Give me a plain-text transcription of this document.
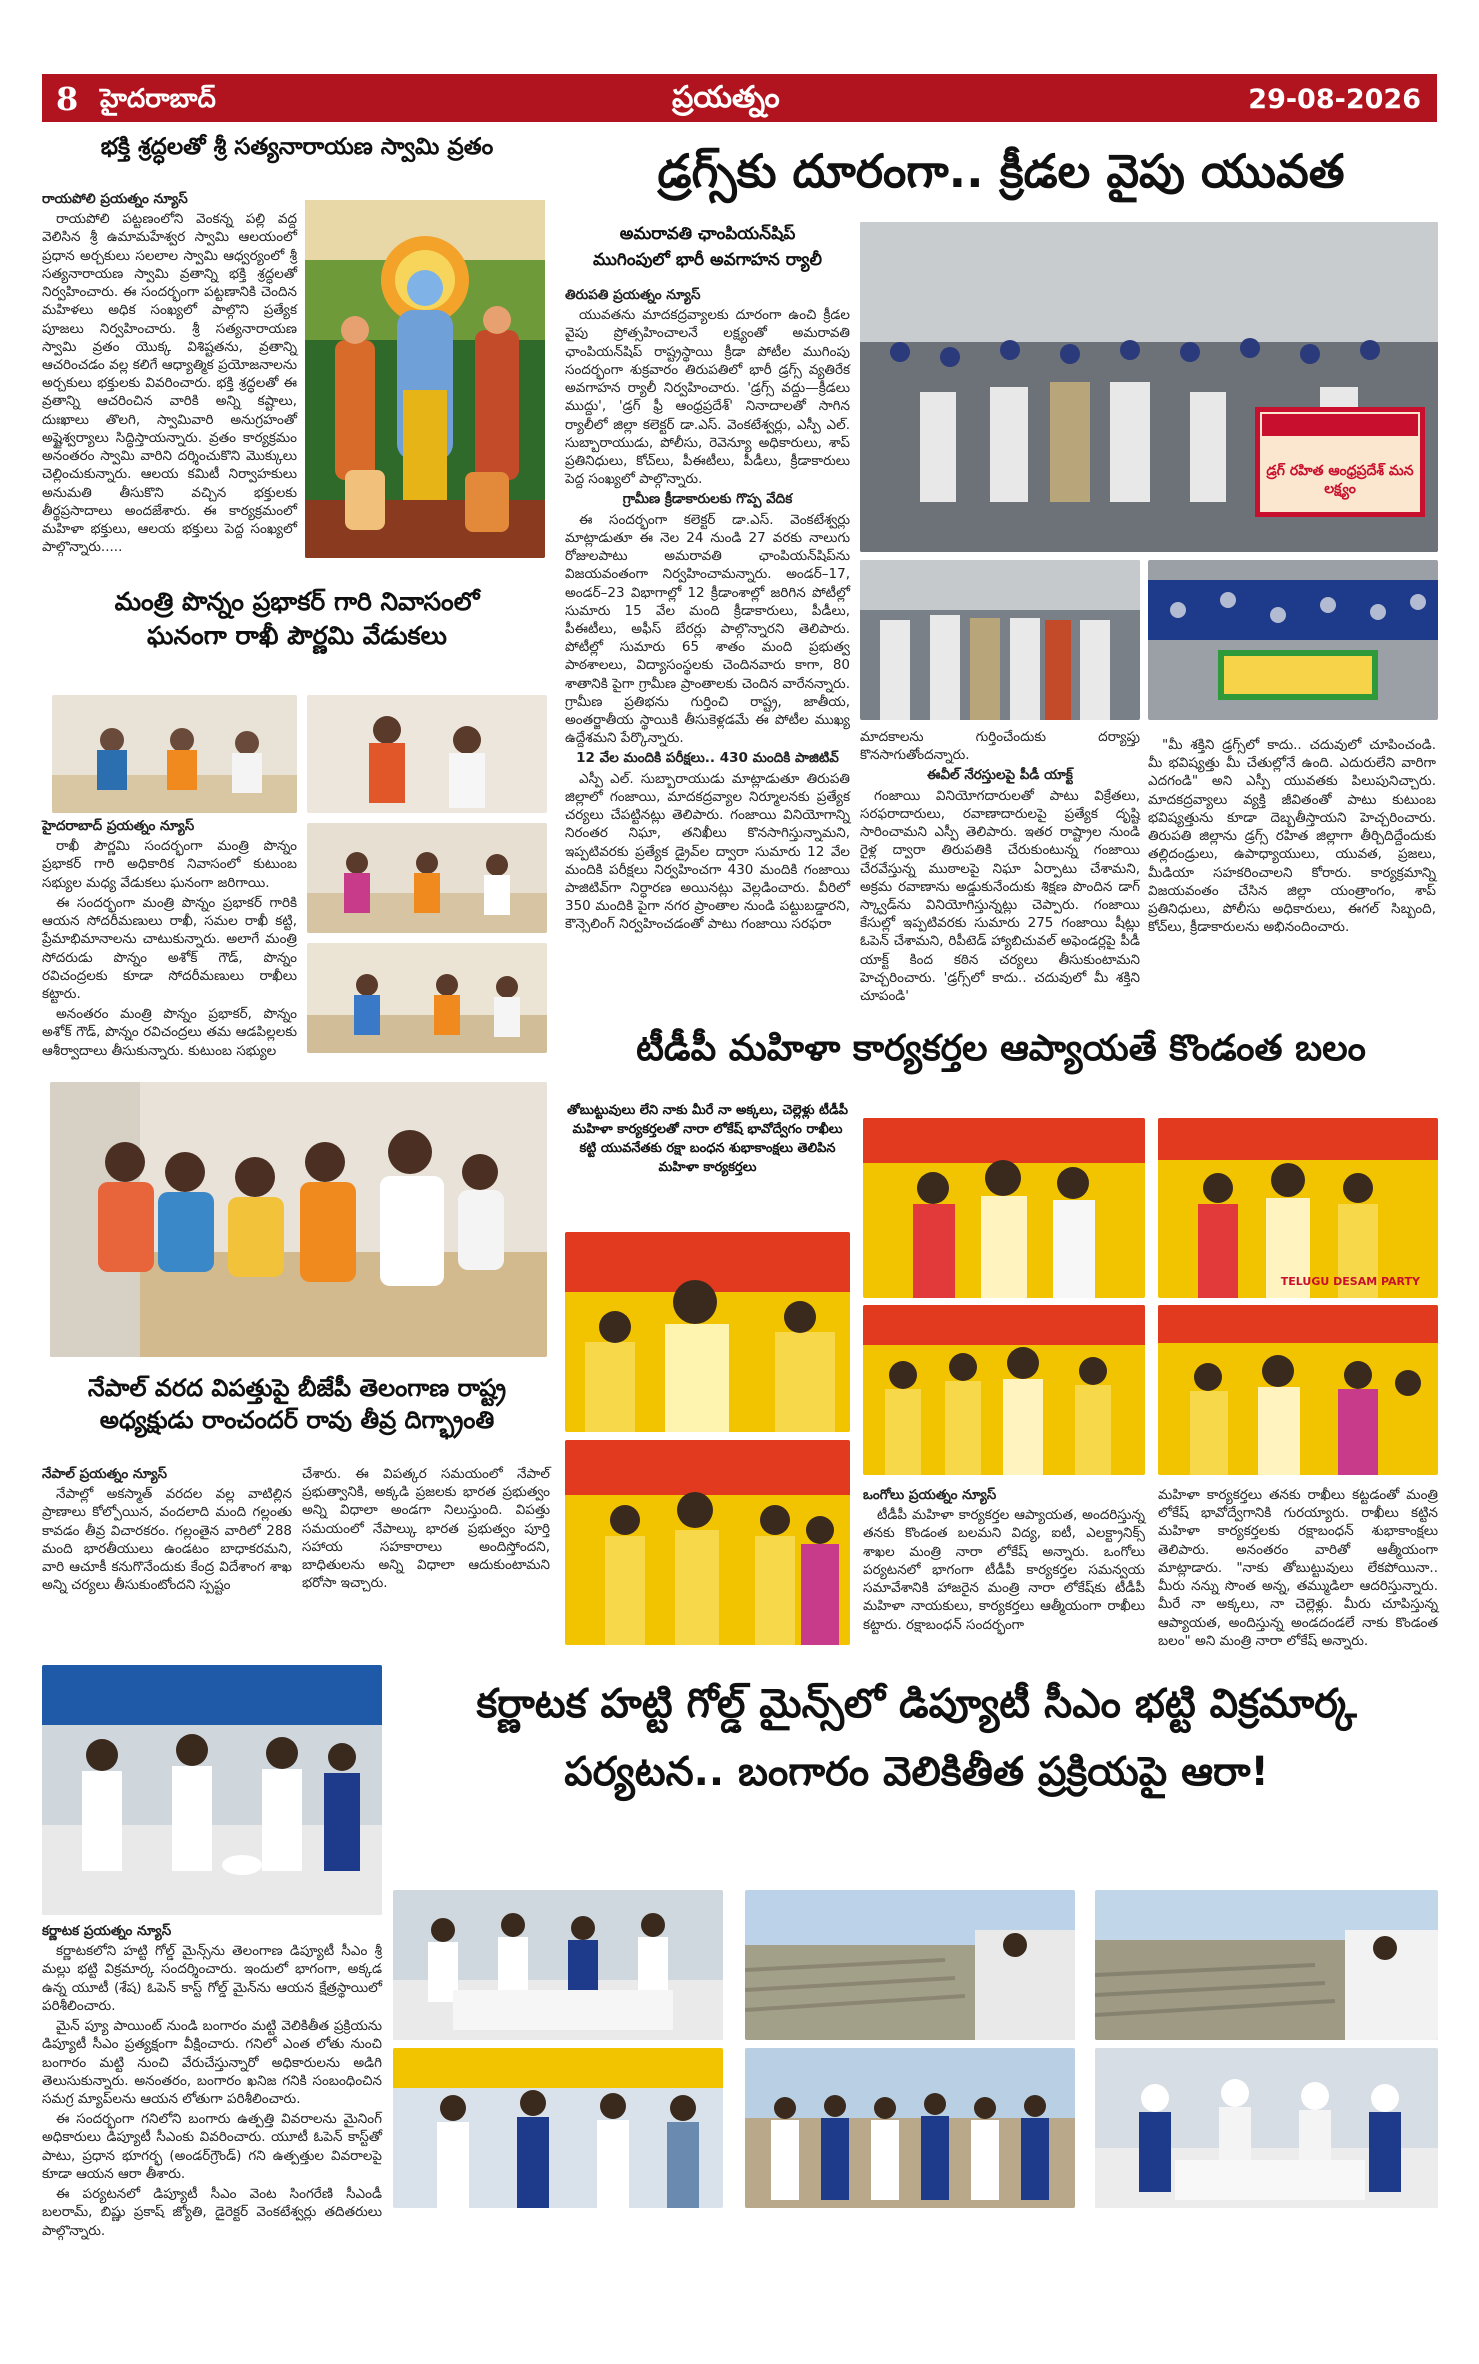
8 హైదరాబాద్	ప్రయత్నం	29-08-2026
భక్తి శ్రద్ధలతో శ్రీ సత్యనారాయణ స్వామి వ్రతం

రాయపోలి ప్రయత్నం న్యూస్

రాయపోలి పట్టణంలోని వెంకన్న పల్లి వద్ద వెలిసిన శ్రీ ఉమామహేశ్వర స్వామి ఆలయంలో ప్రధాన అర్చకులు సలలాల స్వామి ఆధ్వర్యంలో శ్రీ సత్యనారాయణ స్వామి వ్రతాన్ని భక్తి శ్రద్ధలతో నిర్వహించారు. ఈ సందర్భంగా పట్టణానికి చెందిన మహిళలు అధిక సంఖ్యలో పాల్గొని ప్రత్యేక పూజలు నిర్వహించారు. శ్రీ సత్యనారాయణ స్వామి వ్రతం యొక్క విశిష్టతను, వ్రతాన్ని ఆచరించడం వల్ల కలిగే ఆధ్యాత్మిక ప్రయోజనాలను అర్చకులు భక్తులకు వివరించారు. భక్తి శ్రద్ధలతో ఈ వ్రతాన్ని ఆచరించిన వారికి అన్ని కష్టాలు, దుఃఖాలు తొలగి, స్వామివారి అనుగ్రహంతో అష్టైశ్వర్యాలు సిద్ధిస్తాయన్నారు. వ్రతం కార్యక్రమం అనంతరం స్వామి వారిని దర్శించుకొని మొక్కులు చెల్లించుకున్నారు. ఆలయ కమిటీ నిర్వాహకులు అనుమతి తీసుకొని వచ్చిన భక్తులకు తీర్థప్రసాదాలు అందజేశారు. ఈ కార్యక్రమంలో మహిళా భక్తులు, ఆలయ భక్తులు పెద్ద సంఖ్యలో పాల్గొన్నారు.....

మంత్రి పొన్నం ప్రభాకర్ గారి నివాసంలో
ఘనంగా రాఖీ పౌర్ణమి వేడుకలు

హైదరాబాద్ ప్రయత్నం న్యూస్

రాఖీ పౌర్ణమి సందర్భంగా మంత్రి పొన్నం ప్రభాకర్ గారి అధికారిక నివాసంలో కుటుంబ సభ్యుల మధ్య వేడుకలు ఘనంగా జరిగాయి.

ఈ సందర్భంగా మంత్రి పొన్నం ప్రభాకర్ గారికి ఆయన సోదరీమణులు రాఖీ, సమల రాఖీ కట్టి, ప్రేమాభిమానాలను చాటుకున్నారు. అలాగే మంత్రి సోదరుడు పొన్నం అశోక్ గౌడ్, పొన్నం రవిచంద్రలకు కూడా సోదరీమణులు రాఖీలు కట్టారు.

అనంతరం మంత్రి పొన్నం ప్రభాకర్, పొన్నం అశోక్ గౌడ్, పొన్నం రవిచంద్రలు తమ ఆడపిల్లలకు ఆశీర్వాదాలు తీసుకున్నారు. కుటుంబ సభ్యుల

నేపాల్ వరద విపత్తుపై బీజేపీ తెలంగాణ రాష్ట్ర
అధ్యక్షుడు రాంచందర్ రావు తీవ్ర దిగ్భ్రాంతి

నేపాల్ ప్రయత్నం న్యూస్

నేపాల్లో అకస్మాత్ వరదల వల్ల వాటిల్లిన ప్రాణాలు కోల్పోయిన, వందలాది మంది గల్లంతు కావడం తీవ్ర విచారకరం. గల్లంతైన వారిలో 288 మంది భారతీయులు ఉండటం బాధాకరమని, వారి ఆచూకీ కనుగొనేందుకు కేంద్ర విదేశాంగ శాఖ అన్ని చర్యలు తీసుకుంటోందని స్పష్టం

చేశారు. ఈ విపత్కర సమయంలో నేపాల్ ప్రభుత్వానికి, అక్కడి ప్రజలకు భారత ప్రభుత్వం అన్ని విధాలా అండగా నిలుస్తుంది. విపత్తు సమయంలో నేపాల్కు భారత ప్రభుత్వం పూర్తి సహాయ సహకారాలు అందిస్తోందని, బాధితులను అన్ని విధాలా ఆదుకుంటామని భరోసా ఇచ్చారు.

డ్రగ్స్‌కు దూరంగా.. క్రీడల వైపు యువత
అమరావతి ఛాంపియన్‌షిప్
ముగింపులో భారీ అవగాహన ర్యాలీ

తిరుపతి ప్రయత్నం న్యూస్

యువతను మాదకద్రవ్యాలకు దూరంగా ఉంచి క్రీడల వైపు ప్రోత్సహించాలనే లక్ష్యంతో అమరావతి ఛాంపియన్‌షిప్ రాష్ట్రస్థాయి క్రీడా పోటీల ముగింపు సందర్భంగా శుక్రవారం తిరుపతిలో భారీ డ్రగ్స్ వ్యతిరేక అవగాహన ర్యాలీ నిర్వహించారు. 'డ్రగ్స్ వద్దు—క్రీడలు ముద్దు', 'డ్రగ్ ఫ్రీ ఆంధ్రప్రదేశ్' నినాదాలతో సాగిన ర్యాలీలో జిల్లా కలెక్టర్ డా.ఎస్. వెంకటేశ్వర్లు, ఎస్పీ ఎల్. సుబ్బారాయుడు, పోలీసు, రెవెన్యూ అధికారులు, శాప్ ప్రతినిధులు, కోచ్‌లు, పీఈటీలు, పీడీలు, క్రీడాకారులు పెద్ద సంఖ్యలో పాల్గొన్నారు.

గ్రామీణ క్రీడాకారులకు గొప్ప వేదిక

ఈ సందర్భంగా కలెక్టర్ డా.ఎస్. వెంకటేశ్వర్లు మాట్లాడుతూ ఈ నెల 24 నుండి 27 వరకు నాలుగు రోజులపాటు అమరావతి ఛాంపియన్‌షిప్‌ను విజయవంతంగా నిర్వహించామన్నారు. అండర్–17, అండర్–23 విభాగాల్లో 12 క్రీడాంశాల్లో జరిగిన పోటీల్లో సుమారు 15 వేల మంది క్రీడాకారులు, పీడీలు, పీఈటీలు, అఫీస్ బేరర్లు పాల్గొన్నారని తెలిపారు. పోటీల్లో సుమారు 65 శాతం మంది ప్రభుత్వ పాఠశాలలు, విద్యాసంస్థలకు చెందినవారు కాగా, 80 శాతానికి పైగా గ్రామీణ ప్రాంతాలకు చెందిన వారేనన్నారు. గ్రామీణ ప్రతిభను గుర్తించి రాష్ట్ర, జాతీయ, అంతర్జాతీయ స్థాయికి తీసుకెళ్లడమే ఈ పోటీల ముఖ్య ఉద్దేశమని పేర్కొన్నారు.

12 వేల మందికి పరీక్షలు.. 430 మందికి పాజిటివ్

ఎస్పీ ఎల్. సుబ్బారాయుడు మాట్లాడుతూ తిరుపతి జిల్లాలో గంజాయి, మాదకద్రవ్యాల నిర్మూలనకు ప్రత్యేక చర్యలు చేపట్టినట్లు తెలిపారు. గంజాయి వినియోగాన్ని నిరంతర నిఘా, తనిఖీలు కొనసాగిస్తున్నామని, ఇప్పటివరకు ప్రత్యేక డ్రైవ్‌ల ద్వారా సుమారు 12 వేల మందికి పరీక్షలు నిర్వహించగా 430 మందికి గంజాయి పాజిటివ్‌గా నిర్ధారణ అయినట్లు వెల్లడించారు. వీరిలో 350 మందికి పైగా నగర ప్రాంతాల నుండి పట్టుబడ్డారని, కౌన్సెలింగ్ నిర్వహించడంతో పాటు గంజాయి సరఫరా

డ్రగ్ రహిత ఆంధ్రప్రదేశ్ మన లక్ష్యం

మాదకాలను గుర్తించేందుకు దర్యాప్తు కొనసాగుతోందన్నారు.

ఈవీల్ నేరస్తులపై పీడీ యాక్ట్

గంజాయి వినియోగదారులతో పాటు విక్రేతలు, సరఫరాదారులు, రవాణాదారులపై ప్రత్యేక దృష్టి సారించామని ఎస్పీ తెలిపారు. ఇతర రాష్ట్రాల నుండి రైళ్ల ద్వారా తిరుపతికి చేరుకుంటున్న గంజాయి చేరవేస్తున్న ముఠాలపై నిఘా ఏర్పాటు చేశామని, అక్రమ రవాణాను అడ్డుకునేందుకు శిక్షణ పొందిన డాగ్ స్క్వాడ్‌ను వినియోగిస్తున్నట్లు చెప్పారు. గంజాయి కేసుల్లో ఇప్పటివరకు సుమారు 275 గంజాయి షీట్లు ఓపెన్ చేశామని, రిపీటెడ్ హ్యాబిచువల్ అఫెండర్లపై పీడీ యాక్ట్ కింద కఠిన చర్యలు తీసుకుంటామని హెచ్చరించారు. 'డ్రగ్స్‌లో కాదు.. చదువులో మీ శక్తిని చూపండి'

"మీ శక్తిని డ్రగ్స్‌లో కాదు.. చదువులో చూపించండి. మీ భవిష్యత్తు మీ చేతుల్లోనే ఉంది. ఎదురులేని వారిగా ఎదగండి" అని ఎస్పీ యువతకు పిలుపునిచ్చారు. మాదకద్రవ్యాలు వ్యక్తి జీవితంతో పాటు కుటుంబ భవిష్యత్తును కూడా దెబ్బతీస్తాయని హెచ్చరించారు. తిరుపతి జిల్లాను డ్రగ్స్ రహిత జిల్లాగా తీర్చిదిద్దేందుకు తల్లిదండ్రులు, ఉపాధ్యాయులు, యువత, ప్రజలు, మీడియా సహకరించాలని కోరారు. కార్యక్రమాన్ని విజయవంతం చేసిన జిల్లా యంత్రాంగం, శాప్ ప్రతినిధులు, పోలీసు అధికారులు, ఈగల్ సిబ్బంది, కోచ్‌లు, క్రీడాకారులను అభినందించారు.

టీడీపీ మహిళా కార్యకర్తల ఆప్యాయతే కొండంత బలం
తోబుట్టువులు లేని నాకు మీరే నా అక్కలు, చెల్లెళ్లు టీడీపీ మహిళా కార్యకర్తలతో నారా లోకేష్ భావోద్వేగం రాఖీలు కట్టి యువనేతకు రక్షా బంధన శుభాకాంక్షలు తెలిపిన మహిళా కార్యకర్తలు
TELUGU DESAM PARTY

ఒంగోలు ప్రయత్నం న్యూస్

టీడీపీ మహిళా కార్యకర్తల ఆప్యాయత, అందరిస్తున్న తనకు కొండంత బలమని విద్య, ఐటీ, ఎలక్ట్రానిక్స్ శాఖల మంత్రి నారా లోకేష్ అన్నారు. ఒంగోలు పర్యటనలో భాగంగా టీడీపీ కార్యకర్తల సమన్వయ సమావేశానికి హాజరైన మంత్రి నారా లోకేష్‌కు టీడీపీ మహిళా నాయకులు, కార్యకర్తలు ఆత్మీయంగా రాఖీలు కట్టారు. రక్షాబంధన్ సందర్భంగా

మహిళా కార్యకర్తలు తనకు రాఖీలు కట్టడంతో మంత్రి లోకేష్ భావోద్వేగానికి గురయ్యారు. రాఖీలు కట్టిన మహిళా కార్యకర్తలకు రక్షాబంధన్ శుభాకాంక్షలు తెలిపారు. అనంతరం వారితో ఆత్మీయంగా మాట్లాడారు. "నాకు తోబుట్టువులు లేకపోయినా.. మీరు నన్ను సొంత అన్న, తమ్ముడిలా ఆదరిస్తున్నారు. మీరే నా అక్కలు, నా చెల్లెళ్లు. మీరు చూపిస్తున్న ఆప్యాయత, అందిస్తున్న అండదండలే నాకు కొండంత బలం" అని మంత్రి నారా లోకేష్ అన్నారు.

కర్ణాటక హట్టి గోల్డ్ మైన్స్‌లో డిప్యూటీ సీఎం భట్టి విక్రమార్క
పర్యటన.. బంగారం వెలికితీత ప్రక్రియపై ఆరా!

కర్ణాటక ప్రయత్నం న్యూస్

కర్ణాటకలోని హట్టి గోల్డ్ మైన్స్‌ను తెలంగాణ డిప్యూటీ సీఎం శ్రీ మల్లు భట్టి విక్రమార్క సందర్శించారు. ఇందులో భాగంగా, అక్కడ ఉన్న యూటీ (శేష) ఓపెన్ కాస్ట్ గోల్డ్ మైన్‌ను ఆయన క్షేత్రస్థాయిలో పరిశీలించారు.

మైన్ ప్యూ పాయింట్ నుండి బంగారం మట్టి వెలికితీత ప్రక్రియను డిప్యూటీ సీఎం ప్రత్యక్షంగా వీక్షించారు. గనిలో ఎంత లోతు నుంచి బంగారం మట్టి నుంచి వేరుచేస్తున్నారో అధికారులను అడిగి తెలుసుకున్నారు. అనంతరం, బంగారం ఖనిజ గనికి సంబంధించిన సమగ్ర మ్యాప్‌లను ఆయన లోతుగా పరిశీలించారు.

ఈ సందర్భంగా గనిలోని బంగారు ఉత్పత్తి వివరాలను మైనింగ్ అధికారులు డిప్యూటీ సీఎంకు వివరించారు. యూటీ ఓపెన్ కాస్ట్‌తో పాటు, ప్రధాన భూగర్భ (అండర్‌గ్రౌండ్) గని ఉత్పత్తుల వివరాలపై కూడా ఆయన ఆరా తీశారు.

ఈ పర్యటనలో డిప్యూటీ సీఎం వెంట సింగరేణి సీఎండీ బలరామ్, బిష్ణు ప్రకాష్ జ్యోతి, డైరెక్టర్ వెంకటేశ్వర్లు తదితరులు పాల్గొన్నారు.
